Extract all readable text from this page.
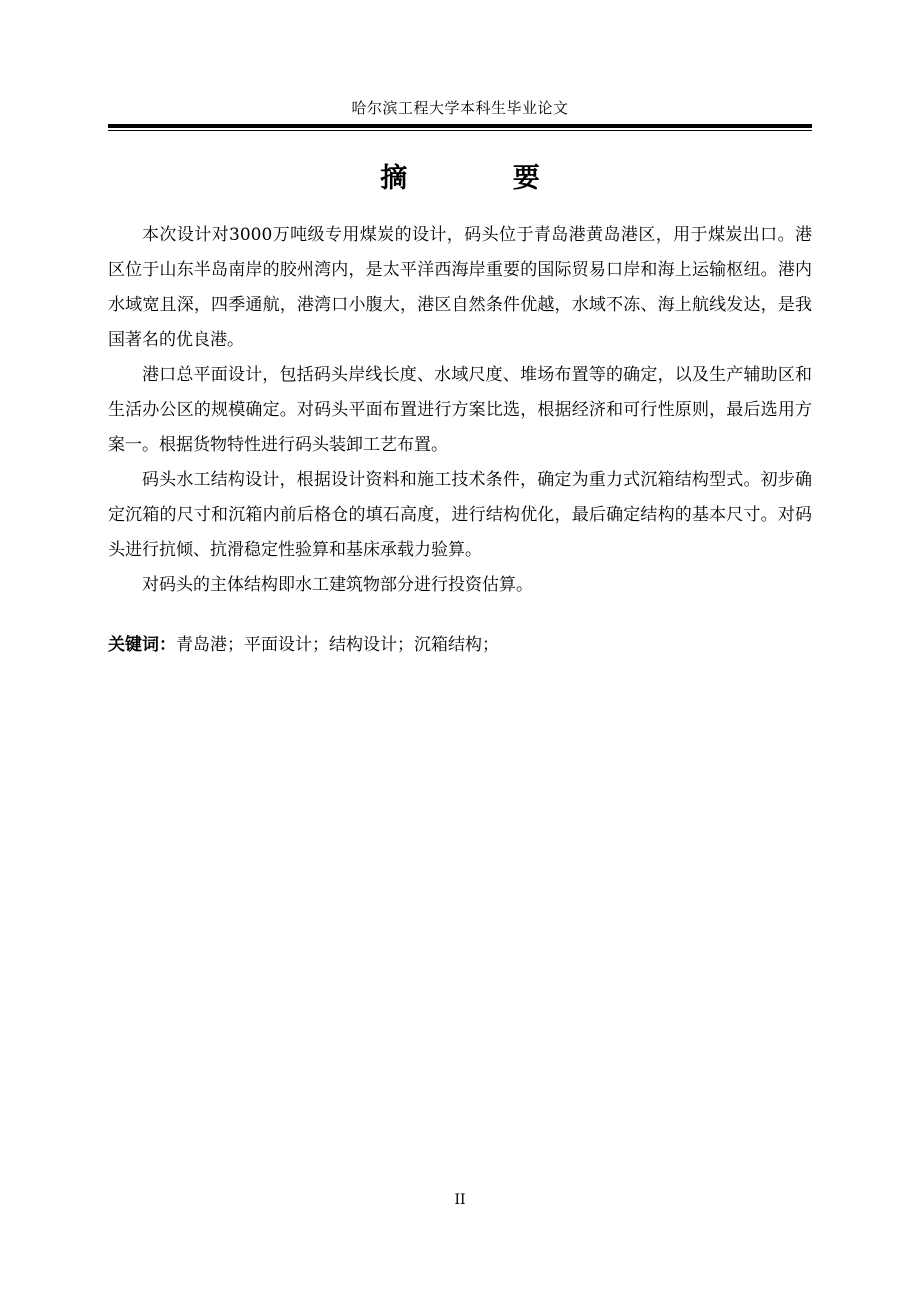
哈尔滨工程大学本科生毕业论文
摘 要

本次设计对3000万吨级专用煤炭的设计，码头位于青岛港黄岛港区，用于煤炭出口。港区位于山东半岛南岸的胶州湾内，是太平洋西海岸重要的国际贸易口岸和海上运输枢纽。港内水域宽且深，四季通航，港湾口小腹大，港区自然条件优越，水域不冻、海上航线发达，是我国著名的优良港。

港口总平面设计，包括码头岸线长度、水域尺度、堆场布置等的确定，以及生产辅助区和生活办公区的规模确定。对码头平面布置进行方案比选，根据经济和可行性原则，最后选用方案一。根据货物特性进行码头装卸工艺布置。

码头水工结构设计，根据设计资料和施工技术条件，确定为重力式沉箱结构型式。初步确定沉箱的尺寸和沉箱内前后格仓的填石高度，进行结构优化，最后确定结构的基本尺寸。对码头进行抗倾、抗滑稳定性验算和基床承载力验算。

对码头的主体结构即水工建筑物部分进行投资估算。

关键词：青岛港；平面设计；结构设计；沉箱结构；
II
